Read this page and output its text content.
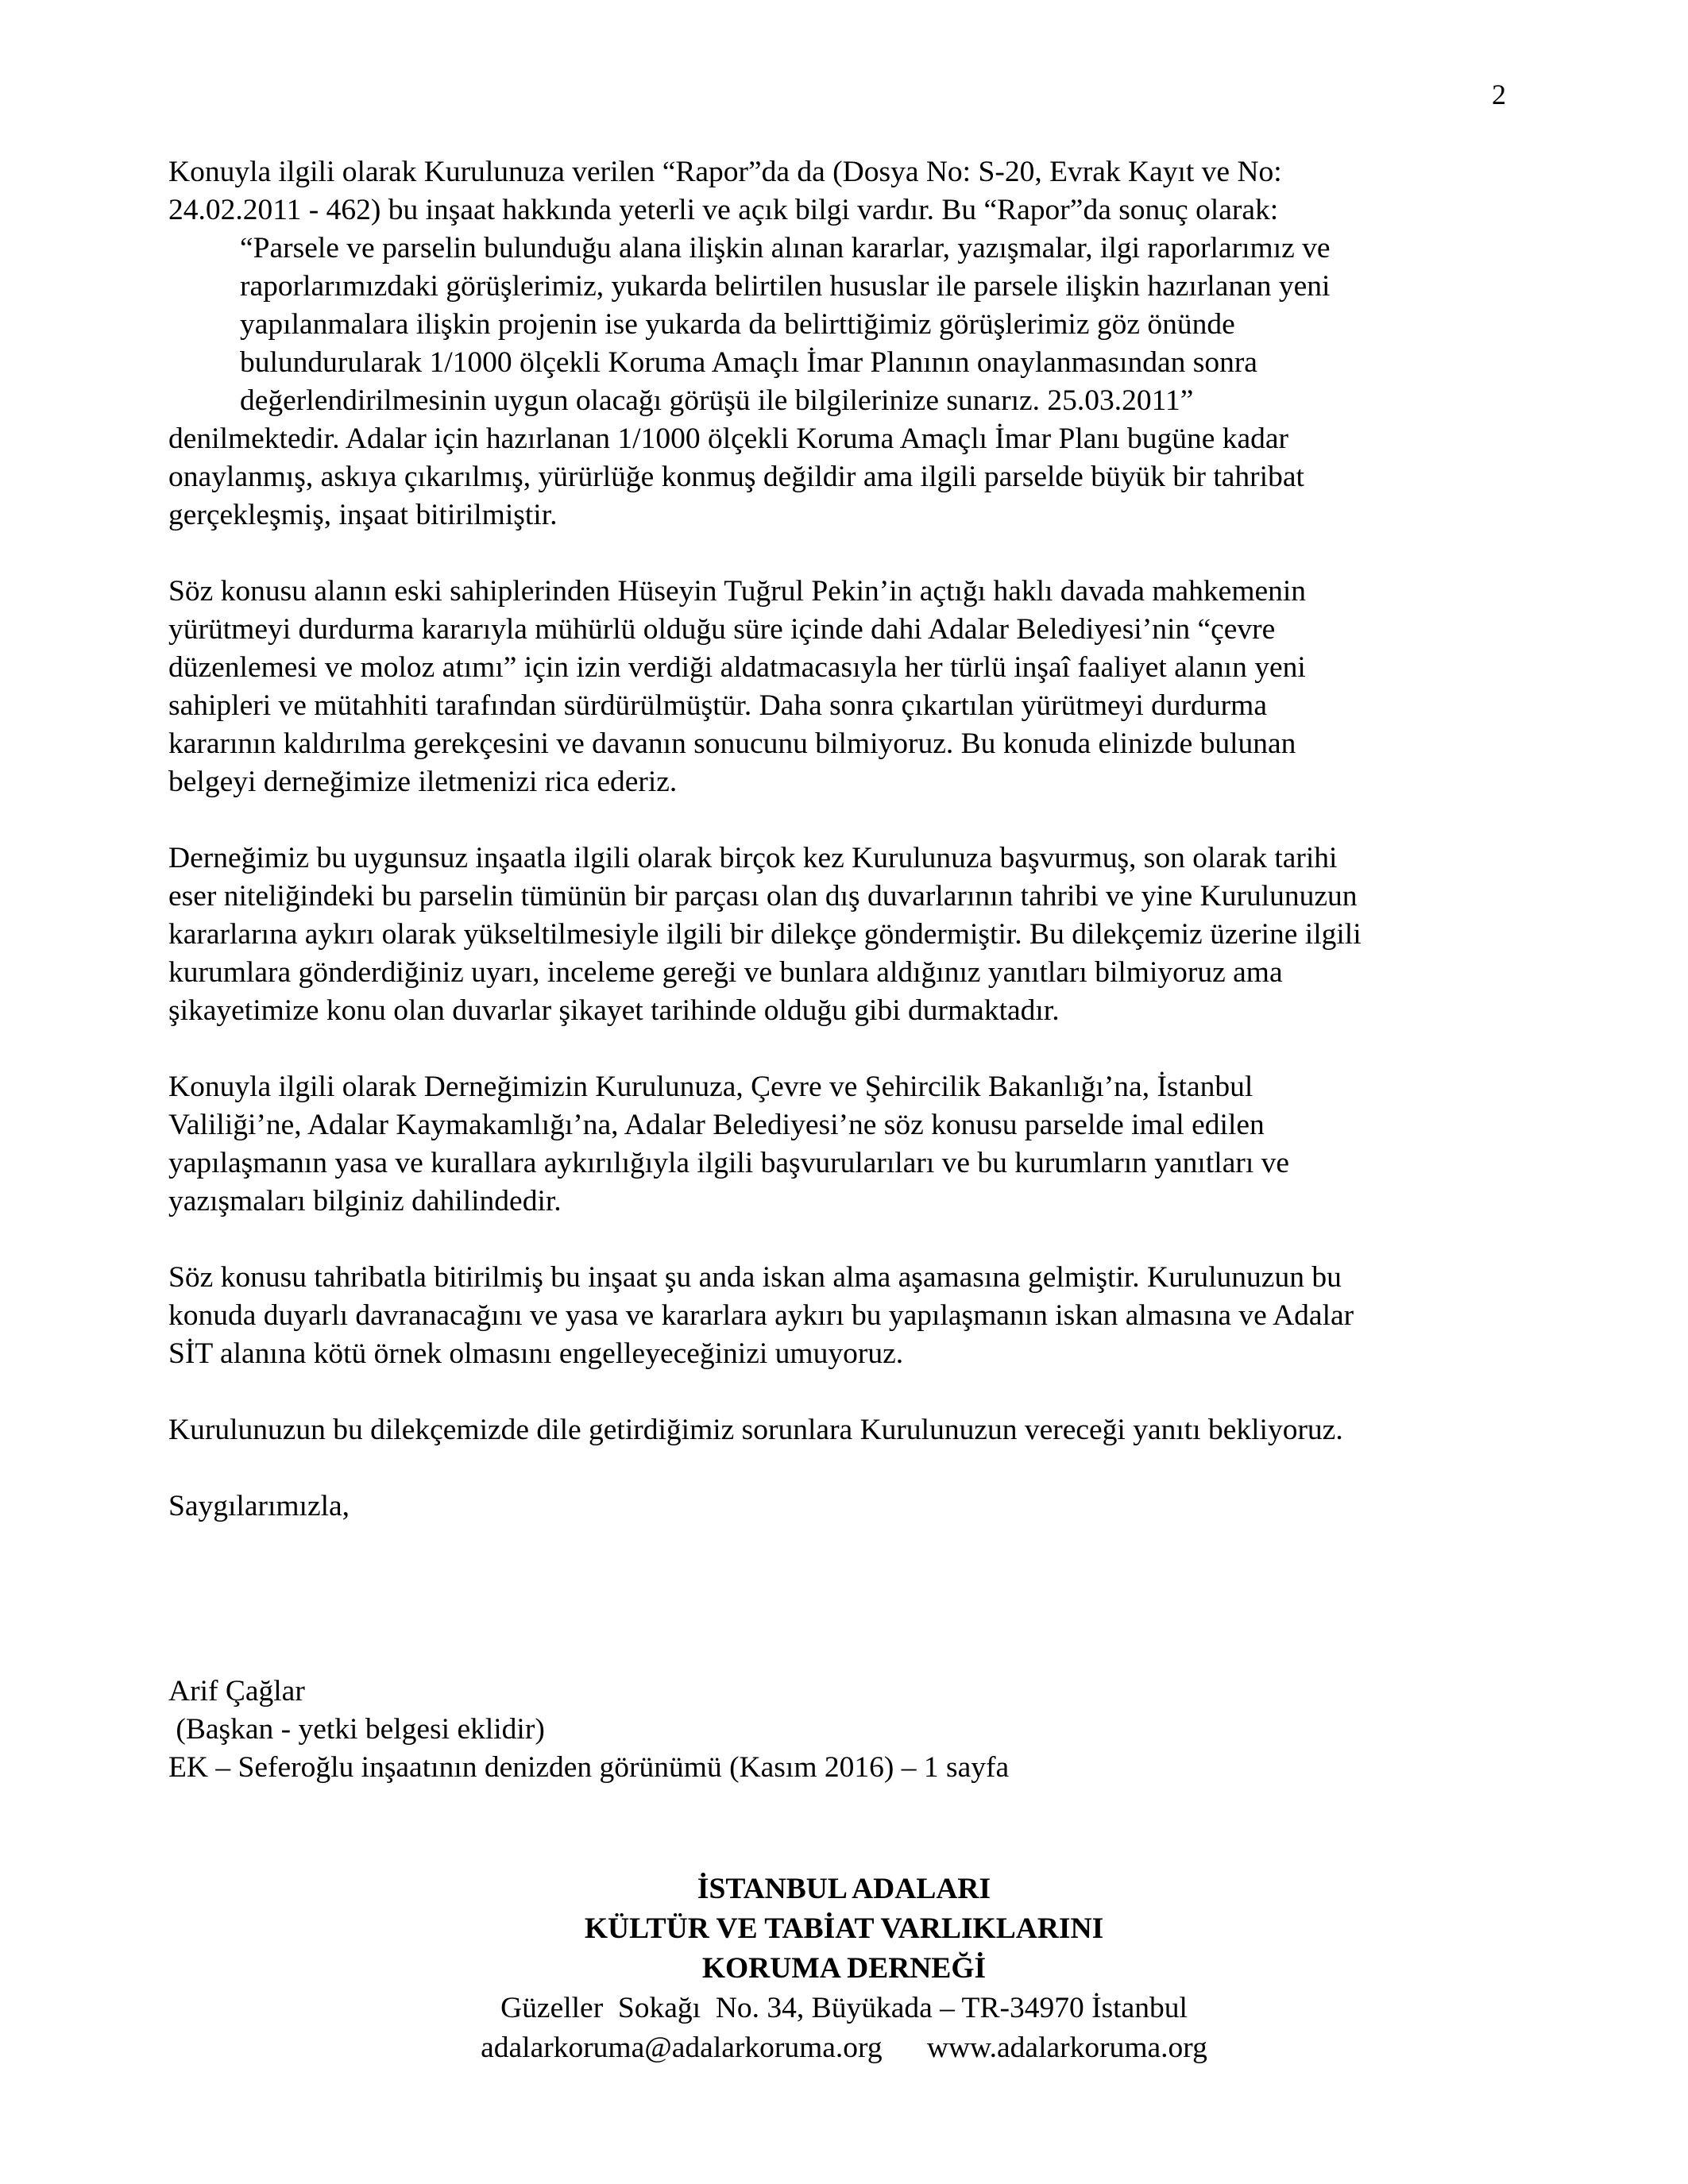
2

Konuyla ilgili olarak Kurulunuza verilen “Rapor”da da (Dosya No: S-20, Evrak Kayıt ve No:
24.02.2011 - 462) bu inşaat hakkında yeterli ve açık bilgi vardır. Bu “Rapor”da sonuç olarak:
“Parsele ve parselin bulunduğu alana ilişkin alınan kararlar, yazışmalar, ilgi raporlarımız ve
raporlarımızdaki görüşlerimiz, yukarda belirtilen hususlar ile parsele ilişkin hazırlanan yeni
yapılanmalara ilişkin projenin ise yukarda da belirttiğimiz görüşlerimiz göz önünde
bulundurularak 1/1000 ölçekli Koruma Amaçlı İmar Planının onaylanmasından sonra
değerlendirilmesinin uygun olacağı görüşü ile bilgilerinize sunarız. 25.03.2011”
denilmektedir. Adalar için hazırlanan 1/1000 ölçekli Koruma Amaçlı İmar Planı bugüne kadar
onaylanmış, askıya çıkarılmış, yürürlüğe konmuş değildir ama ilgili parselde büyük bir tahribat
gerçekleşmiş, inşaat bitirilmiştir.

Söz konusu alanın eski sahiplerinden Hüseyin Tuğrul Pekin’in açtığı haklı davada mahkemenin
yürütmeyi durdurma kararıyla mühürlü olduğu süre içinde dahi Adalar Belediyesi’nin “çevre
düzenlemesi ve moloz atımı” için izin verdiği aldatmacasıyla her türlü inşaî faaliyet alanın yeni
sahipleri ve mütahhiti tarafından sürdürülmüştür. Daha sonra çıkartılan yürütmeyi durdurma
kararının kaldırılma gerekçesini ve davanın sonucunu bilmiyoruz. Bu konuda elinizde bulunan
belgeyi derneğimize iletmenizi rica ederiz.

Derneğimiz bu uygunsuz inşaatla ilgili olarak birçok kez Kurulunuza başvurmuş, son olarak tarihi
eser niteliğindeki bu parselin tümünün bir parçası olan dış duvarlarının tahribi ve yine Kurulunuzun
kararlarına aykırı olarak yükseltilmesiyle ilgili bir dilekçe göndermiştir. Bu dilekçemiz üzerine ilgili
kurumlara gönderdiğiniz uyarı, inceleme gereği ve bunlara aldığınız yanıtları bilmiyoruz ama
şikayetimize konu olan duvarlar şikayet tarihinde olduğu gibi durmaktadır.

Konuyla ilgili olarak Derneğimizin Kurulunuza, Çevre ve Şehircilik Bakanlığı’na, İstanbul
Valiliği’ne, Adalar Kaymakamlığı’na, Adalar Belediyesi’ne söz konusu parselde imal edilen
yapılaşmanın yasa ve kurallara aykırılığıyla ilgili başvurularıları ve bu kurumların yanıtları ve
yazışmaları bilginiz dahilindedir.

Söz konusu tahribatla bitirilmiş bu inşaat şu anda iskan alma aşamasına gelmiştir. Kurulunuzun bu
konuda duyarlı davranacağını ve yasa ve kararlara aykırı bu yapılaşmanın iskan almasına ve Adalar
SİT alanına kötü örnek olmasını engelleyeceğinizi umuyoruz.

Kurulunuzun bu dilekçemizde dile getirdiğimiz sorunlara Kurulunuzun vereceği yanıtı bekliyoruz.

Saygılarımızla,

Arif Çağlar
(Başkan - yetki belgesi eklidir)
EK – Seferoğlu inşaatının denizden görünümü (Kasım 2016) – 1 sayfa
İSTANBUL ADALARI
KÜLTÜR VE TABİAT VARLIKLARINI
KORUMA DERNEĞİ
Güzeller  Sokağı  No. 34, Büyükada – TR-34970 İstanbul
adalarkoruma@adalarkoruma.org www.adalarkoruma.org
